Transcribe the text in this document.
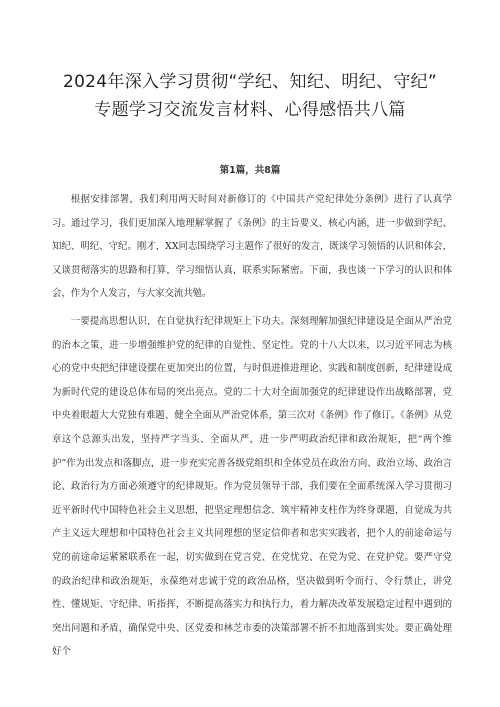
2024年深入学习贯彻“学纪、知纪、明纪、守纪”
专题学习交流发言材料、心得感悟共八篇
第1篇，共8篇

根据安排部署，我们利用两天时间对新修订的《中国共产党纪律处分条例》进行了认真学习。通过学习，我们更加深入地理解掌握了《条例》的主旨要义、核心内涵，进一步做到学纪、知纪、明纪、守纪。刚才，XX同志围绕学习主题作了很好的发言，既谈学习领悟的认识和体会，又谈贯彻落实的思路和打算，学习细悟认真，联系实际紧密。下面，我也谈一下学习的认识和体会，作为个人发言，与大家交流共勉。

一要提高思想认识，在自觉执行纪律规矩上下功夫。深刻理解加强纪律建设是全面从严治党的治本之策，进一步增强维护党的纪律的自觉性、坚定性。党的十八大以来，以习近平同志为核心的党中央把纪律建设摆在更加突出的位置，与时俱进推进理论、实践和制度创新，纪律建设成为新时代党的建设总体布局的突出亮点。党的二十大对全面加强党的纪律建设作出战略部署，党中央着眼超大大党独有难题、健全全面从严治党体系，第三次对《条例》作了修订。《条例》从党章这个总源头出发，坚持严字当头、全面从严，进一步严明政治纪律和政治规矩，把“两个维护”作为出发点和落脚点，进一步充实完善各级党组织和全体党员在政治方向、政治立场、政治言论、政治行为方面必须遵守的纪律规矩。作为党员领导干部，我们要在全面系统深入学习贯彻习近平新时代中国特色社会主义思想，把坚定理想信念、筑牢精神支柱作为终身课题，自觉成为共产主义远大理想和中国特色社会主义共同理想的坚定信仰者和忠实实践者，把个人的前途命运与党的前途命运紧紧联系在一起，切实做到在党言党、在党忧党、在党为党、在党护党。要严守党的政治纪律和政治规矩，永葆绝对忠诚于党的政治品格，坚决做到听令而行、令行禁止，讲党性、懂规矩、守纪律、听指挥，不断提高落实力和执行力，着力解决改革发展稳定过程中遇到的突出问题和矛盾，确保党中央、区党委和林芝市委的决策部署不折不扣地落到实处。要正确处理好个
